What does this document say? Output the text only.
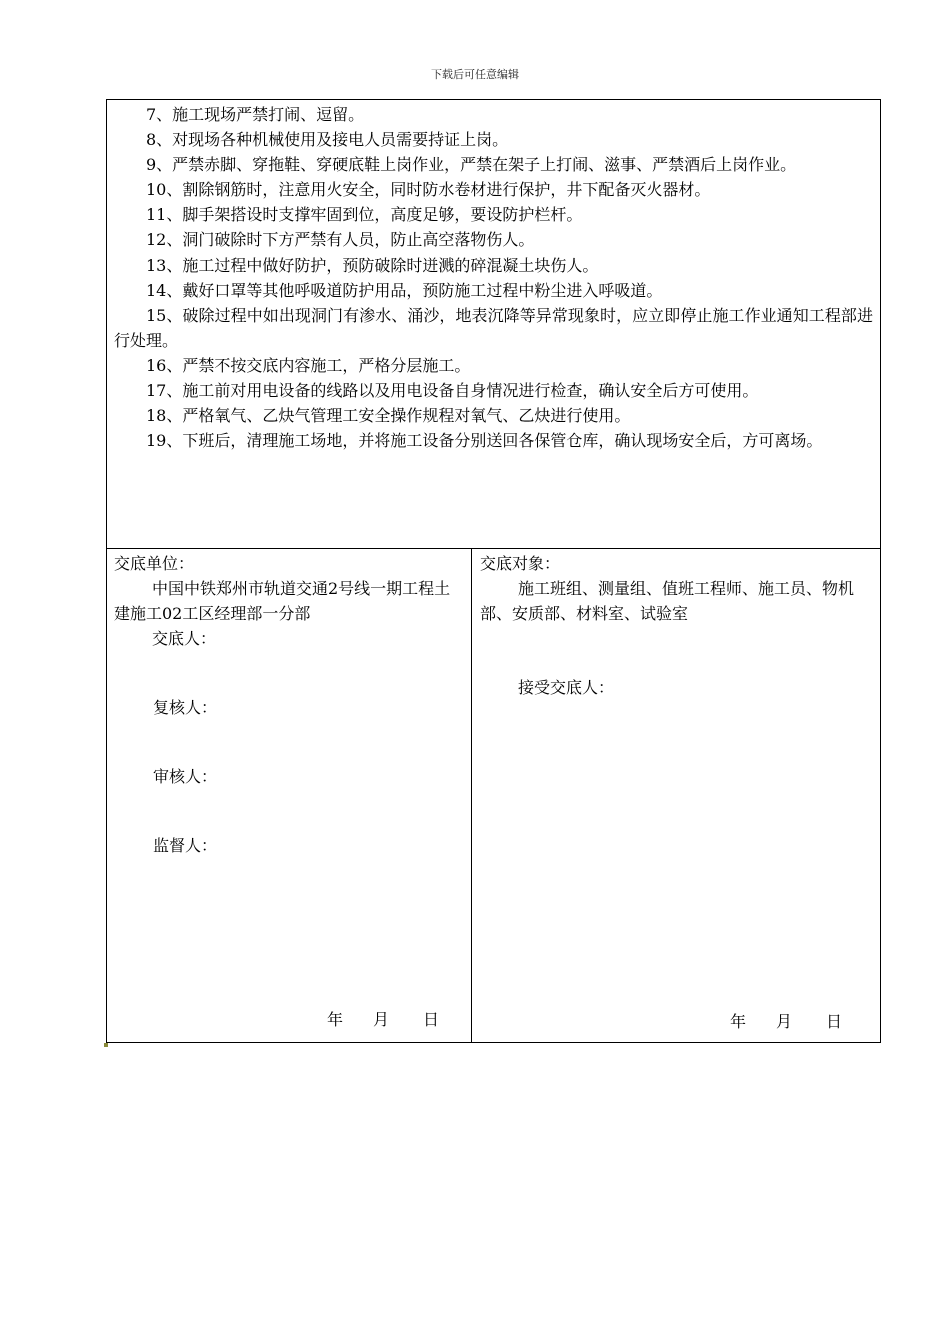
下载后可任意编辑

7、施工现场严禁打闹、逗留。

8、对现场各种机械使用及接电人员需要持证上岗。

9、严禁赤脚、穿拖鞋、穿硬底鞋上岗作业，严禁在架子上打闹、滋事、严禁酒后上岗作业。

10、割除钢筋时，注意用火安全，同时防水卷材进行保护，井下配备灭火器材。

11、脚手架搭设时支撑牢固到位，高度足够，要设防护栏杆。

12、洞门破除时下方严禁有人员，防止高空落物伤人。

13、施工过程中做好防护，预防破除时迸溅的碎混凝土块伤人。

14、戴好口罩等其他呼吸道防护用品，预防施工过程中粉尘进入呼吸道。

15、破除过程中如出现洞门有渗水、涌沙，地表沉降等异常现象时，应立即停止施工作业通知工程部进行处理。

16、严禁不按交底内容施工，严格分层施工。

17、施工前对用电设备的线路以及用电设备自身情况进行检查，确认安全后方可使用。

18、严格氧气、乙炔气管理工安全操作规程对氧气、乙炔进行使用。

19、下班后，清理施工场地，并将施工设备分别送回各保管仓库，确认现场安全后，方可离场。

交底单位：

中国中铁郑州市轨道交通2号线一期工程土建施工02工区经理部一分部

交底人：

复核人：
审核人：
监督人：
年 月 日

交底对象：

施工班组、测量组、值班工程师、施工员、物机部、安质部、材料室、试验室

接受交底人：
年 月 日
